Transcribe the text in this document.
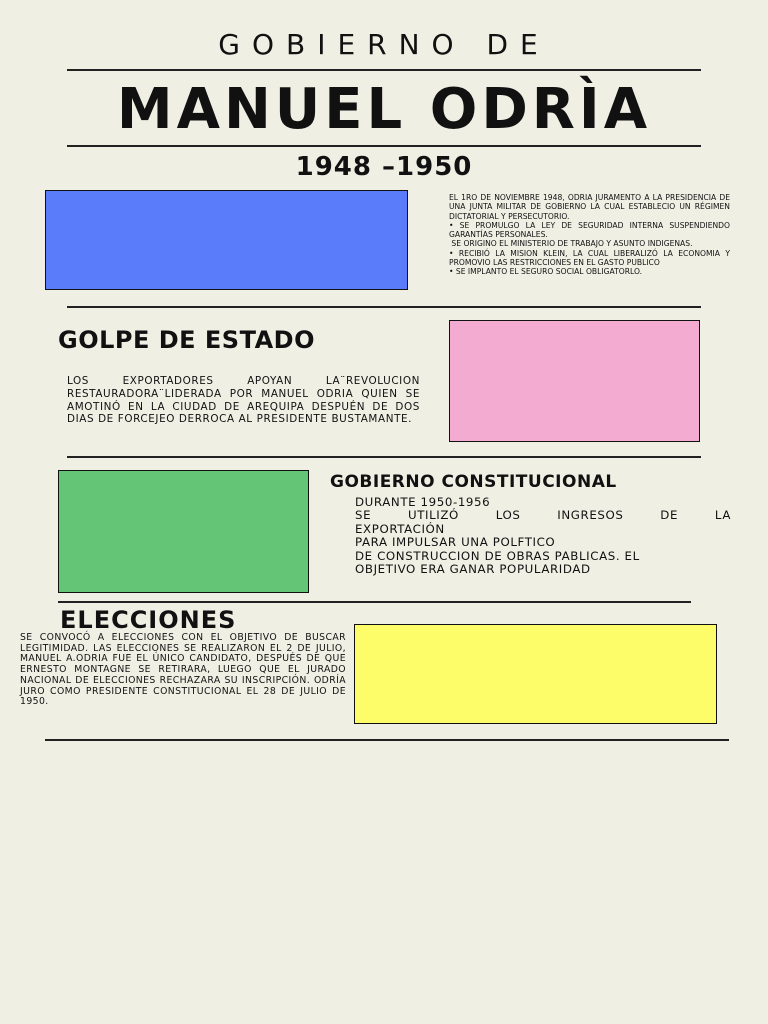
GOBIERNO DE
MANUEL ODRÌA
1948 –1950

EL 1RO DE NOVIEMBRE 1948, ODRIA JURAMENTO A LA PRESIDENCIA DE UNA JUNTA MILITAR DE GOBIERNO LA CUAL ESTABLECIO UN RÉGIMEN DICTATORIAL Y PERSECUTORIO.

• SE PROMULGO LA LEY DE SEGURIDAD INTERNA SUSPENDIENDO GARANTÍAS PERSONALES.

SE ORIGINO EL MINISTERIO DE TRABAJO Y ASUNTO INDIGENAS.

• RECIBIÓ LA MISION KLEIN, LA CUAL LIBERALIZÓ LA ECONOMIA Y PROMOVIO LAS RESTRICCIONES EN EL GASTO PUBLICO

• SE IMPLANTO EL SEGURO SOCIAL OBLIGATORLO.

GOLPE DE ESTADO
LOS EXPORTADORES APOYAN LA¨REVOLUCION RESTAURADORA¨LIDERADA POR MANUEL ODRIA QUIEN SE AMOTINÓ EN LA CIUDAD DE AREQUIPA DESPUÉN DE DOS DIAS DE FORCEJEO DERROCA AL PRESIDENTE BUSTAMANTE.
GOBIERNO CONSTITUCIONAL

DURANTE 1950-1956

SE UTILIZÓ LOS INGRESOS DE LA

EXPORTACIÓN

PARA IMPULSAR UNA POLFTICO

DE CONSTRUCCION DE OBRAS PABLICAS. EL

OBJETIVO ERA GANAR POPULARIDAD

ELECCIONES
SE CONVOCÓ A ELECCIONES CON EL OBJETIVO DE BUSCAR LEGITIMIDAD. LAS ELECCIONES SE REALIZARON EL 2 DE JULIO, MANUEL A.ODRIA FUE EL ÚNICO CANDIDATO, DESPUÉS DE QUE ERNESTO MONTAGNE SE RETIRARA, LUEGO QUE EL JURADO NACIONAL DE ELECCIONES RECHAZARA SU INSCRIPCIÓN. ODRÍA JURO COMO PRESIDENTE CONSTITUCIONAL EL 28 DE JULIO DE 1950.
